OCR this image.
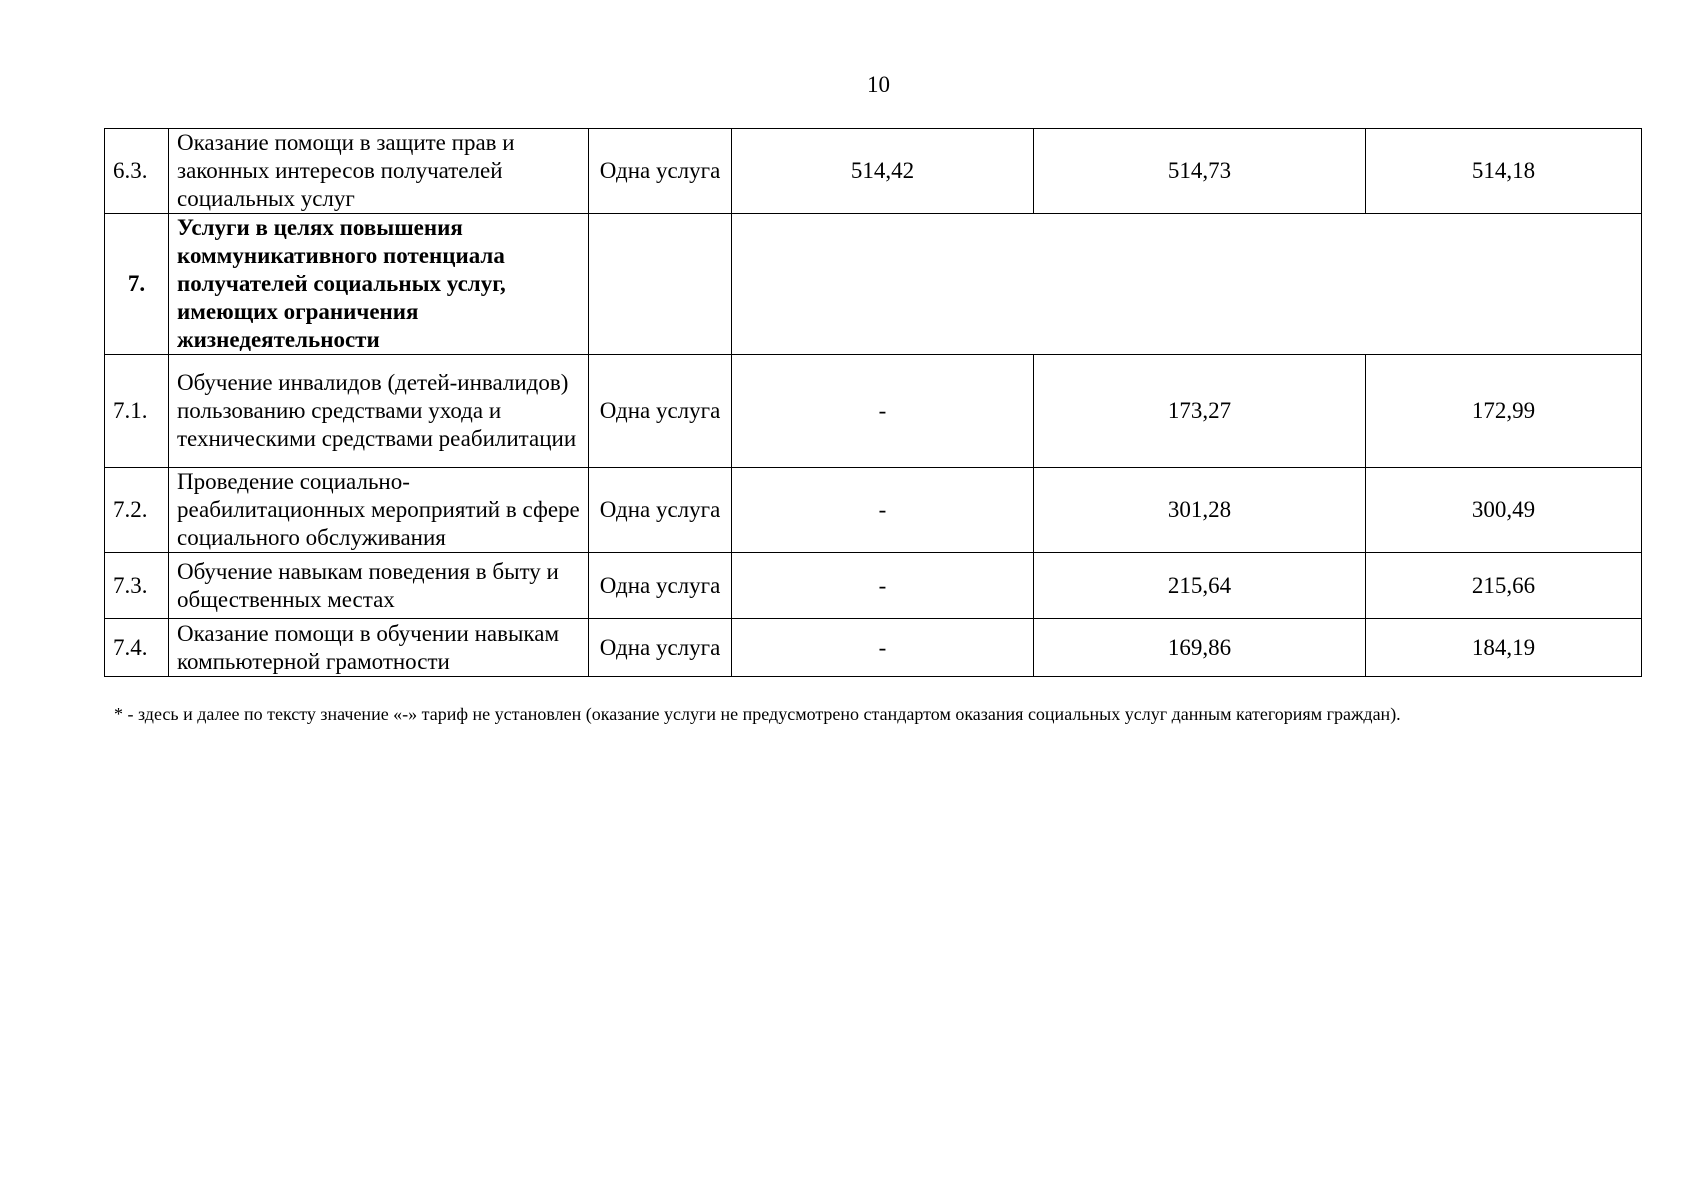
10
6.3.	Оказание помощи в защите прав и законных интересов получателей социальных услуг	Одна услуга	514,42	514,73	514,18
7.	Услуги в целях повышения коммуникативного потенциала получателей социальных услуг, имеющих ограничения жизнедеятельности				
7.1.	Обучение инвалидов (детей-инвалидов) пользованию средствами ухода и техническими средствами реабилитации	Одна услуга	-	173,27	172,99
7.2.	Проведение социально-реабилитационных мероприятий в сфере социального обслуживания	Одна услуга	-	301,28	300,49
7.3.	Обучение навыкам поведения в быту и общественных местах	Одна услуга	-	215,64	215,66
7.4.	Оказание помощи в обучении навыкам компьютерной грамотности	Одна услуга	-	169,86	184,19
* - здесь и далее по тексту значение «-» тариф не установлен (оказание услуги не предусмотрено стандартом оказания социальных услуг данным категориям граждан).
